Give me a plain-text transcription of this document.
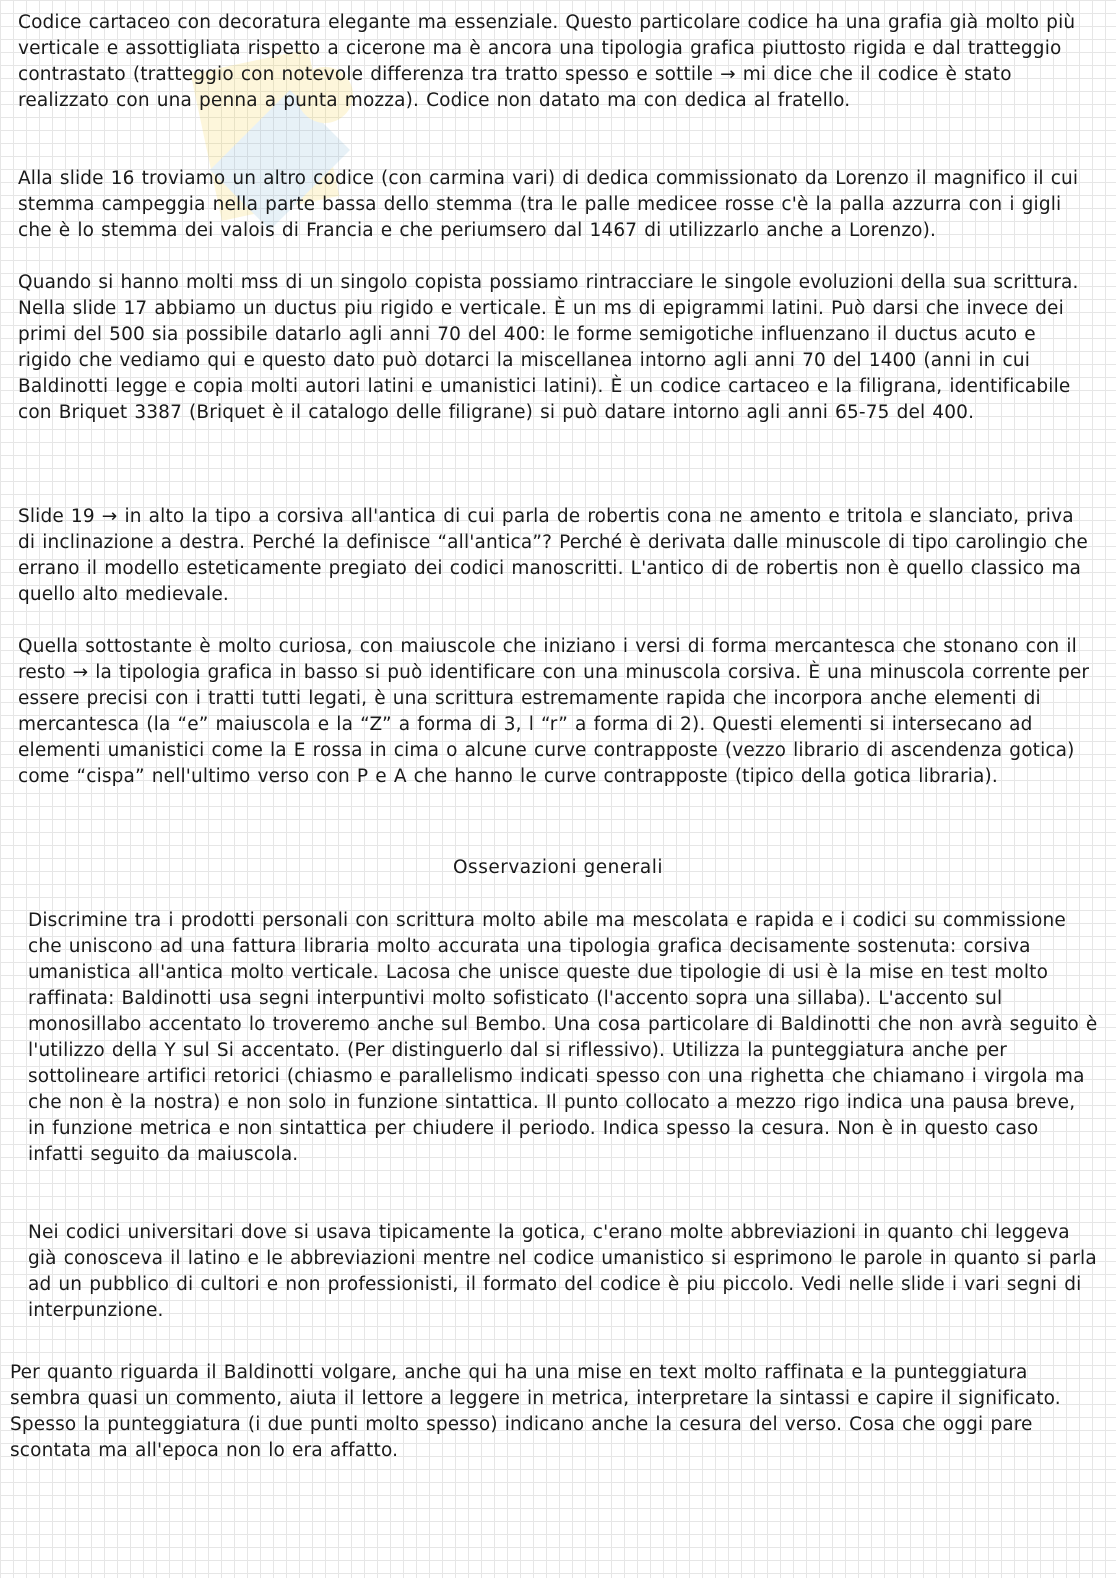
Codice cartaceo con decoratura elegante ma essenziale. Questo particolare codice ha una grafia già molto più verticale e assottigliata rispetto a cicerone ma è ancora una tipologia grafica piuttosto rigida e dal tratteggio contrastato (tratteggio con notevole differenza tra tratto spesso e sottile → mi dice che il codice è stato realizzato con una penna a punta mozza). Codice non datato ma con dedica al fratello.

Alla slide 16 troviamo un altro codice (con carmina vari) di dedica commissionato da Lorenzo il magnifico il cui stemma campeggia nella parte bassa dello stemma (tra le palle medicee rosse c'è la palla azzurra con i gigli che è lo stemma dei valois di Francia e che periumsero dal 1467 di utilizzarlo anche a Lorenzo).

Quando si hanno molti mss di un singolo copista possiamo rintracciare le singole evoluzioni della sua scrittura. Nella slide 17 abbiamo un ductus piu rigido e verticale. È un ms di epigrammi latini. Può darsi che invece dei primi del 500 sia possibile datarlo agli anni 70 del 400: le forme semigotiche influenzano il ductus acuto e rigido che vediamo qui e questo dato può dotarci la miscellanea intorno agli anni 70 del 1400 (anni in cui Baldinotti legge e copia molti autori latini e umanistici latini). È un codice cartaceo e la filigrana, identificabile con Briquet 3387 (Briquet è il catalogo delle filigrane) si può datare intorno agli anni 65-75 del 400.

Slide 19 → in alto la tipo a corsiva all'antica di cui parla de robertis cona ne amento e tritola e slanciato, priva di inclinazione a destra. Perché la definisce “all'antica”? Perché è derivata dalle minuscole di tipo carolingio che errano il modello esteticamente pregiato dei codici manoscritti. L'antico di de robertis non è quello classico ma quello alto medievale.

Quella sottostante è molto curiosa, con maiuscole che iniziano i versi di forma mercantesca che stonano con il resto → la tipologia grafica in basso si può identificare con una minuscola corsiva. È una minuscola corrente per essere precisi con i tratti tutti legati, è una scrittura estremamente rapida che incorpora anche elementi di mercantesca (la “e” maiuscola e la “Z” a forma di 3, l “r” a forma di 2). Questi elementi si intersecano ad elementi umanistici come la E rossa in cima o alcune curve contrapposte (vezzo librario di ascendenza gotica) come “cispa” nell'ultimo verso con P e A che hanno le curve contrapposte (tipico della gotica libraria).

Osservazioni generali

Discrimine tra i prodotti personali con scrittura molto abile ma mescolata e rapida e i codici su commissione che uniscono ad una fattura libraria molto accurata una tipologia grafica decisamente sostenuta: corsiva umanistica all'antica molto verticale. Lacosa che unisce queste due tipologie di usi è la mise en test molto raffinata: Baldinotti usa segni interpuntivi molto sofisticato (l'accento sopra una sillaba). L'accento sul monosillabo accentato lo troveremo anche sul Bembo. Una cosa particolare di Baldinotti che non avrà seguito è l'utilizzo della Y sul Si accentato. (Per distinguerlo dal si riflessivo). Utilizza la punteggiatura anche per sottolineare artifici retorici (chiasmo e parallelismo indicati spesso con una righetta che chiamano i virgola ma che non è la nostra) e non solo in funzione sintattica. Il punto collocato a mezzo rigo indica una pausa breve, in funzione metrica e non sintattica per chiudere il periodo. Indica spesso la cesura. Non è in questo caso infatti seguito da maiuscola.

Nei codici universitari dove si usava tipicamente la gotica, c'erano molte abbreviazioni in quanto chi leggeva già conosceva il latino e le abbreviazioni mentre nel codice umanistico si esprimono le parole in quanto si parla ad un pubblico di cultori e non professionisti, il formato del codice è piu piccolo. Vedi nelle slide i vari segni di interpunzione.

Per quanto riguarda il Baldinotti volgare, anche qui ha una mise en text molto raffinata e la punteggiatura sembra quasi un commento, aiuta il lettore a leggere in metrica, interpretare la sintassi e capire il significato. Spesso la punteggiatura (i due punti molto spesso) indicano anche la cesura del verso. Cosa che oggi pare scontata ma all'epoca non lo era affatto.
